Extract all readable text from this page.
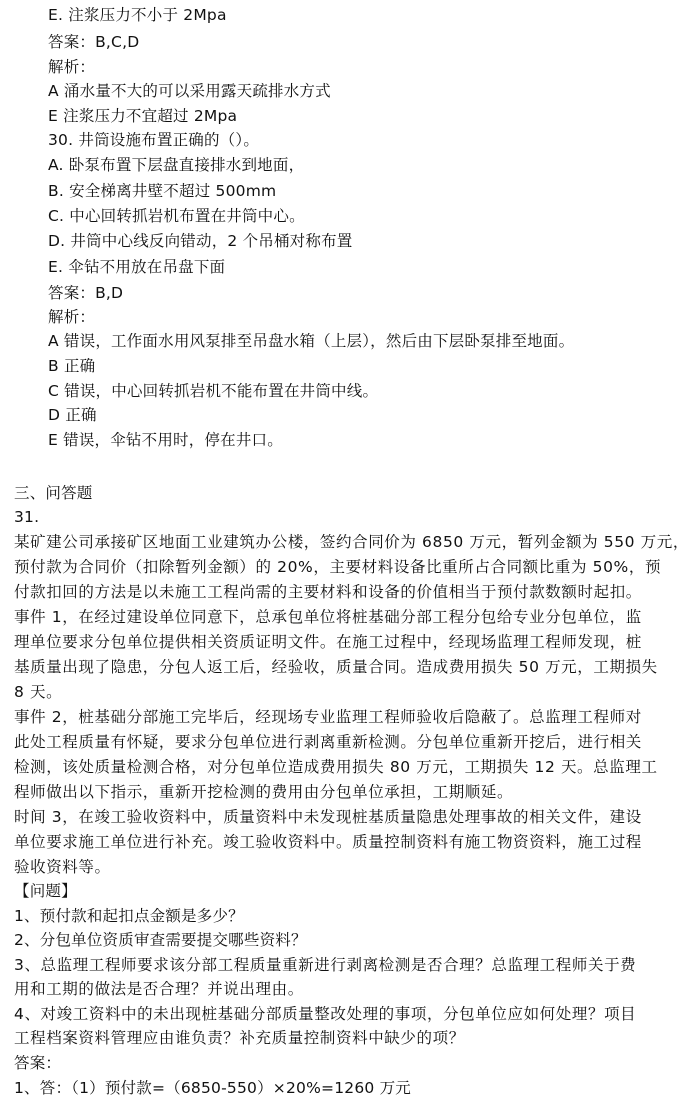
E. 注浆压力不小于 2Mpa
答案：B,C,D
解析：
A 涌水量不大的可以采用露天疏排水方式
E 注浆压力不宜超过 2Mpa
30. 井筒设施布置正确的（）。
A. 卧泵布置下层盘直接排水到地面，
B. 安全梯离井壁不超过 500mm
C. 中心回转抓岩机布置在井筒中心。
D. 井筒中心线反向错动，2 个吊桶对称布置
E. 伞钻不用放在吊盘下面
答案：B,D
解析：
A 错误，工作面水用风泵排至吊盘水箱（上层），然后由下层卧泵排至地面。
B 正确
C 错误，中心回转抓岩机不能布置在井筒中线。
D 正确
E 错误，伞钻不用时，停在井口。
三、问答题
31.
某矿建公司承接矿区地面工业建筑办公楼，签约合同价为 6850 万元，暂列金额为 550 万元，
预付款为合同价（扣除暂列金额）的 20%，主要材料设备比重所占合同额比重为 50%，预
付款扣回的方法是以未施工工程尚需的主要材料和设备的价值相当于预付款数额时起扣。
事件 1，在经过建设单位同意下，总承包单位将桩基础分部工程分包给专业分包单位，监
理单位要求分包单位提供相关资质证明文件。在施工过程中，经现场监理工程师发现，桩
基质量出现了隐患，分包人返工后，经验收，质量合同。造成费用损失 50 万元，工期损失
8 天。
事件 2，桩基础分部施工完毕后，经现场专业监理工程师验收后隐蔽了。总监理工程师对
此处工程质量有怀疑，要求分包单位进行剥离重新检测。分包单位重新开挖后，进行相关
检测，该处质量检测合格，对分包单位造成费用损失 80 万元，工期损失 12 天。总监理工
程师做出以下指示，重新开挖检测的费用由分包单位承担，工期顺延。
时间 3，在竣工验收资料中，质量资料中未发现桩基质量隐患处理事故的相关文件，建设
单位要求施工单位进行补充。竣工验收资料中。质量控制资料有施工物资资料，施工过程
验收资料等。
【问题】
1、预付款和起扣点金额是多少？
2、分包单位资质审查需要提交哪些资料？
3、总监理工程师要求该分部工程质量重新进行剥离检测是否合理？总监理工程师关于费
用和工期的做法是否合理？并说出理由。
4、对竣工资料中的未出现桩基础分部质量整改处理的事项，分包单位应如何处理？项目
工程档案资料管理应由谁负责？补充质量控制资料中缺少的项？
答案：
1、答：（1）预付款=（6850-550）×20%=1260 万元
